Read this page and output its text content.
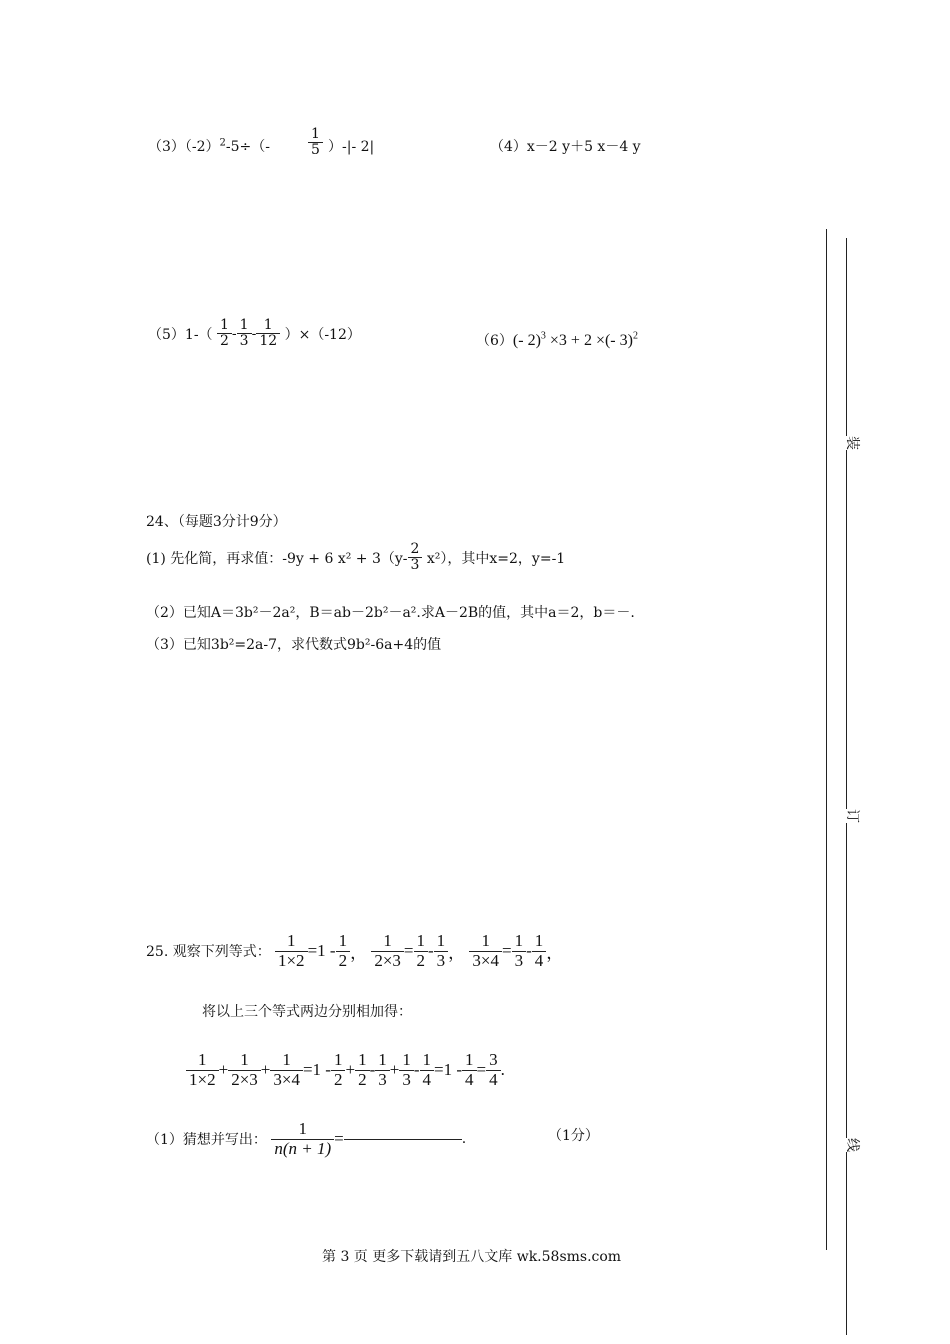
$(3)(-2)^2-5\div(-$	$\frac{1}{5}$ ）-|- 2|	（4）x－2 y＋5 x－4 y
$(5)1-( \frac{1}{2} - \frac{1}{3} - \frac{1}{12} )\times(-12)$	（6）(- 2)$^3$ ×3 + 2 ×(- 3)$^2$
24、（每题3分计9分）
(1) 先化简，再求值：-9y + 6 $x^2 + 3(y- \frac{2}{3} x^2)$，其中x=2，y=-1
（2）已知A＝3b²－2a²，B＝ab－2b²－a².求A－2B的值，其中a＝2，b＝－.
（3）已知3b²=2a-7，求代数式9b²-6a+4的值
25. 观察下列等式： $\frac{1}{1\times 2} =1 - \frac{1}{2}$ ， $\frac{1}{2\times 3} = \frac{1}{2} - \frac{1}{3}$ ， $\frac{1}{3\times 4} = \frac{1}{3} - \frac{1}{4}$ ，
将以上三个等式两边分别相加得：
$\frac{1}{1\times 2} + \frac{1}{2\times 3} + \frac{1}{3\times 4} =1 - \frac{1}{2} + \frac{1}{2} - \frac{1}{3} + \frac{1}{3} - \frac{1}{4} =1 - \frac{1}{4} = \frac{3}{4}$ .
（1）猜想并写出： $\frac{1}{n(n + 1)}$ =	.	（1分）
装
订
线
第 3 页 更多下载请到五八文库 wk.58sms.com
